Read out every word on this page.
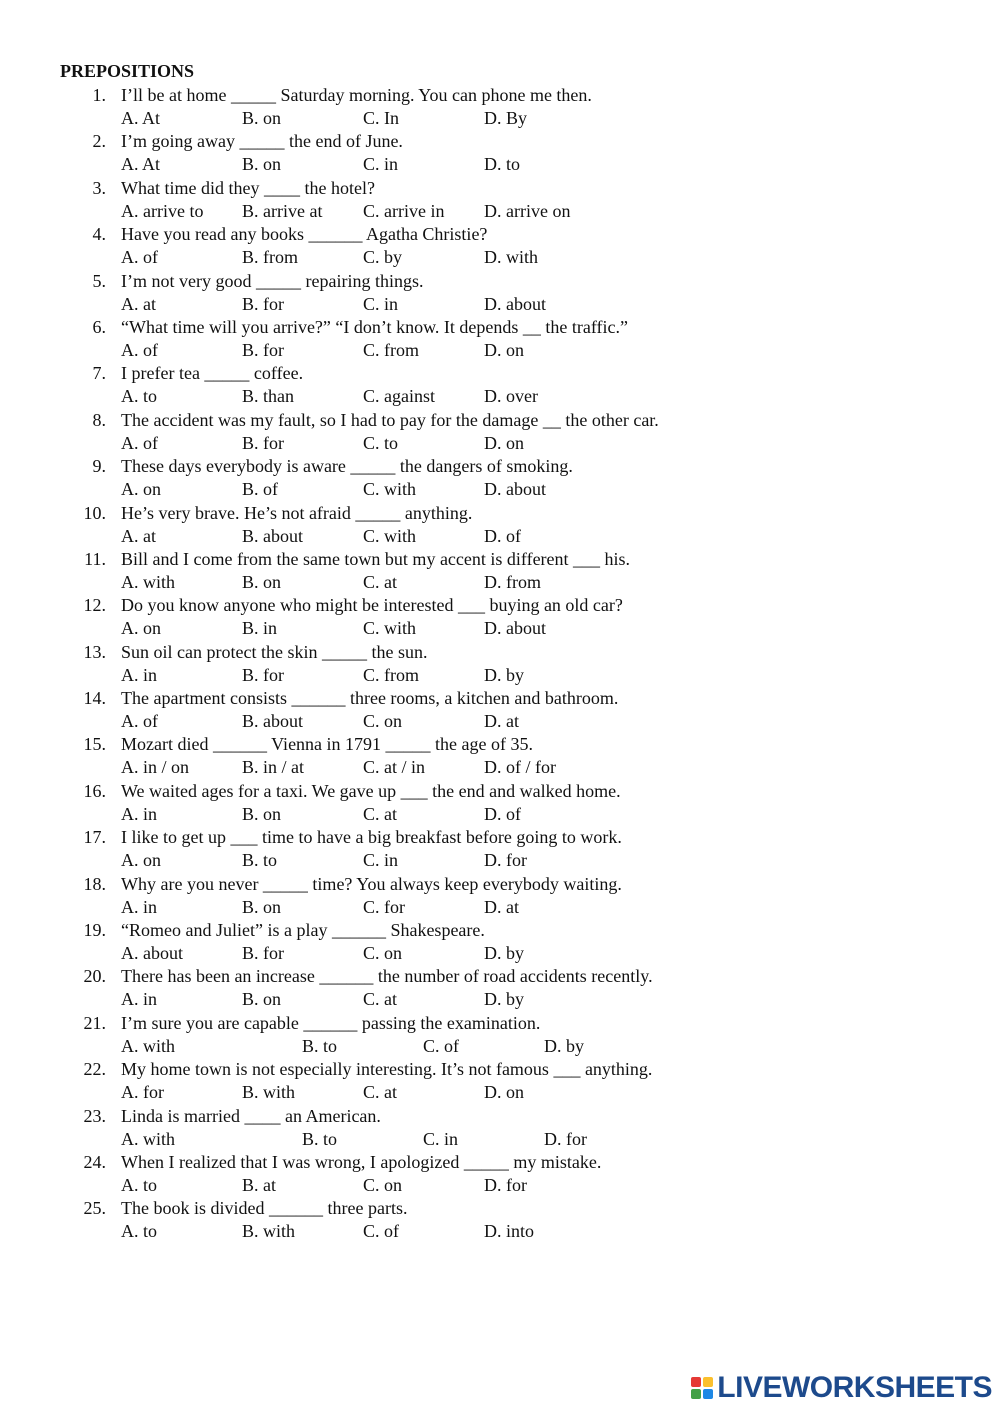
PREPOSITIONS
1. I’ll be at home _____ Saturday morning. You can phone me then.
A. At	B. on	C. In	D. By
2. I’m going away _____ the end of June.
A. At	B. on	C. in	D. to
3. What time did they ____ the hotel?
A. arrive to B. arrive at C. arrive in D. arrive on
4. Have you read any books ______ Agatha Christie?
A. of	B. from	C. by	D. with
5. I’m not very good _____ repairing things.
A. at	B. for	C. in	D. about
6. “What time will you arrive?” “I don’t know. It depends __ the traffic.”
A. of	B. for	C. from	D. on
7. I prefer tea _____ coffee.
A. to	B. than	C. against	D. over
8. The accident was my fault, so I had to pay for the damage __ the other car.
A. of	B. for	C. to	D. on
9. These days everybody is aware _____ the dangers of smoking.
A. on	B. of	C. with	D. about
10. He’s very brave. He’s not afraid _____ anything.
A. at	B. about	C. with	D. of
11. Bill and I come from the same town but my accent is different ___ his.
A. with	B. on	C. at	D. from
12. Do you know anyone who might be interested ___ buying an old car?
A. on	B. in	C. with	D. about
13. Sun oil can protect the skin _____ the sun.
A. in	B. for	C. from	D. by
14. The apartment consists ______ three rooms, a kitchen and bathroom.
A. of	B. about	C. on	D. at
15. Mozart died ______ Vienna in 1791 _____ the age of 35.
A. in / on	B. in / at	C. at / in	D. of / for
16. We waited ages for a taxi. We gave up ___ the end and walked home.
A. in	B. on	C. at	D. of
17. I like to get up ___ time to have a big breakfast before going to work.
A. on	B. to	C. in	D. for
18. Why are you never _____ time? You always keep everybody waiting.
A. in	B. on	C. for	D. at
19. “Romeo and Juliet” is a play ______ Shakespeare.
A. about	B. for	C. on	D. by
20. There has been an increase ______ the number of road accidents recently.
A. in	B. on	C. at	D. by
21. I’m sure you are capable ______ passing the examination.
A. with	B. to	C. of	D. by
22. My home town is not especially interesting. It’s not famous ___ anything.
A. for	B. with	C. at	D. on
23. Linda is married ____ an American.
A. with	B. to	C. in	D. for
24. When I realized that I was wrong, I apologized _____ my mistake.
A. to	B. at	C. on	D. for
25. The book is divided ______ three parts.
A. to	B. with	C. of	D. into
LIVEWORKSHEETS
